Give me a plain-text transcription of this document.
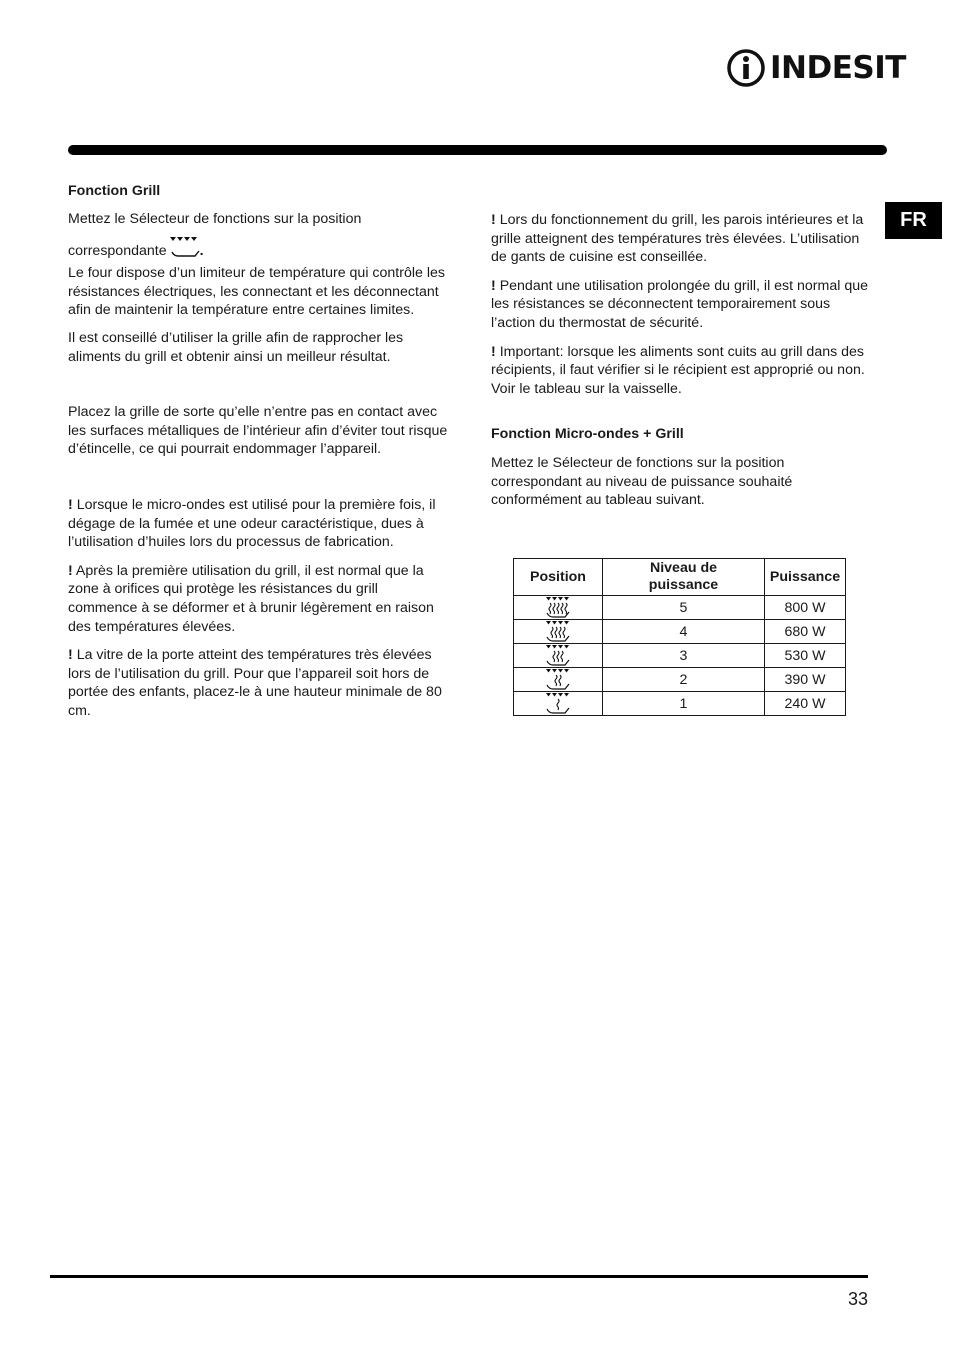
INDESIT
FR

Fonction Grill

Mettez le Sélecteur de fonctions sur la position

correspondante .

Le four dispose d’un limiteur de température qui contrôle les résistances électriques, les connectant et les déconnectant afin de maintenir la température entre certaines limites.

Il est conseillé d’utiliser la grille afin de rapprocher les aliments du grill et obtenir ainsi un meilleur résultat.

Placez la grille de sorte qu’elle n’entre pas en contact avec les surfaces métalliques de l’intérieur afin d’éviter tout risque d’étincelle, ce qui pourrait endommager l’appareil.

! Lorsque le micro-ondes est utilisé pour la première fois, il dégage de la fumée et une odeur caractéristique, dues à l’utilisation d’huiles lors du processus de fabrication.

! Après la première utilisation du grill, il est normal que la zone à orifices qui protège les résistances du grill commence à se déformer et à brunir légèrement en raison des températures élevées.

! La vitre de la porte atteint des températures très élevées lors de l’utilisation du grill. Pour que l’appareil soit hors de portée des enfants, placez-le à une hauteur minimale de 80 cm.

! Lors du fonctionnement du grill, les parois intérieures et la grille atteignent des températures très élevées. L’utilisation de gants de cuisine est conseillée.

! Pendant une utilisation prolongée du grill, il est normal que les résistances se déconnectent temporairement sous l’action du thermostat de sécurité.

! Important: lorsque les aliments sont cuits au grill dans des récipients, il faut vérifier si le récipient est approprié ou non. Voir le tableau sur la vaisselle.

Fonction Micro-ondes + Grill

Mettez le Sélecteur de fonctions sur la position correspondant au niveau de puissance souhaité conformément au tableau suivant.

Position	Niveau de puissance	Puissance
	5	800 W
	4	680 W
	3	530 W
	2	390 W
	1	240 W
33
